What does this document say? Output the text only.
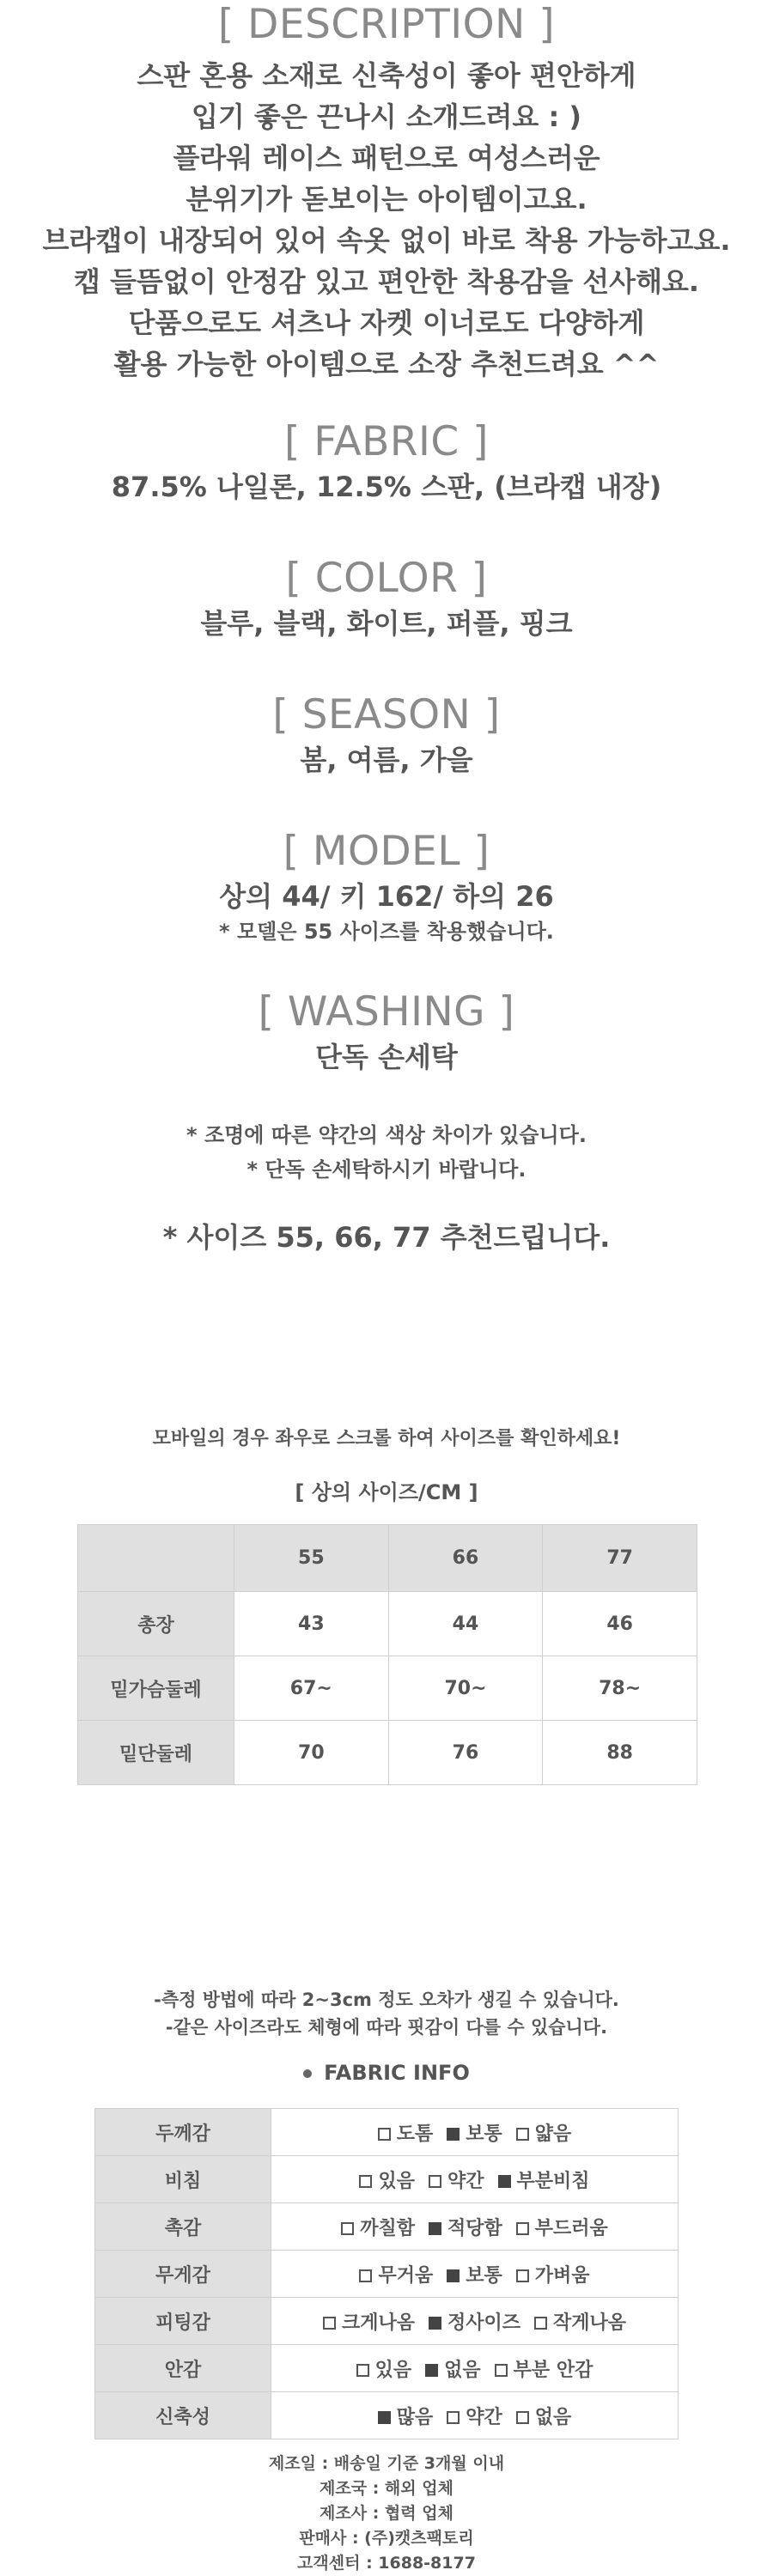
[ DESCRIPTION ]

스판 혼용 소재로 신축성이 좋아 편안하게

입기 좋은 끈나시 소개드려요 : )

플라워 레이스 패턴으로 여성스러운

분위기가 돋보이는 아이템이고요.

브라캡이 내장되어 있어 속옷 없이 바로 착용 가능하고요.

캡 들뜸없이 안정감 있고 편안한 착용감을 선사해요.

단품으로도 셔츠나 자켓 이너로도 다양하게

활용 가능한 아이템으로 소장 추천드려요 ^^

[ FABRIC ]
87.5% 나일론, 12.5% 스판, (브라캡 내장)
[ COLOR ]
블루, 블랙, 화이트, 퍼플, 핑크
[ SEASON ]
봄, 여름, 가을
[ MODEL ]
상의 44/ 키 162/ 하의 26
* 모델은 55 사이즈를 착용했습니다.
[ WASHING ]
단독 손세탁

* 조명에 따른 약간의 색상 차이가 있습니다.

* 단독 손세탁하시기 바랍니다.

* 사이즈 55, 66, 77 추천드립니다.
모바일의 경우 좌우로 스크롤 하여 사이즈를 확인하세요!
[ 상의 사이즈/CM ]
	55	66	77
총장	43	44	46
밑가슴둘레	67~	70~	78~
밑단둘레	70	76	88

-측정 방법에 따라 2~3cm 정도 오차가 생길 수 있습니다.

-같은 사이즈라도 체형에 따라 핏감이 다를 수 있습니다.

FABRIC INFO
두께감	도톰 보통 얇음
비침	있음 약간 부분비침
촉감	까칠함 적당함 부드러움
무게감	무거움 보통 가벼움
피팅감	크게나옴 정사이즈 작게나옴
안감	있음 없음 부분 안감
신축성	많음 약간 없음

제조일 : 배송일 기준 3개월 이내

제조국 : 해외 업체

제조사 : 협력 업체

판매사 : (주)캣츠팩토리

고객센터 : 1688-8177
